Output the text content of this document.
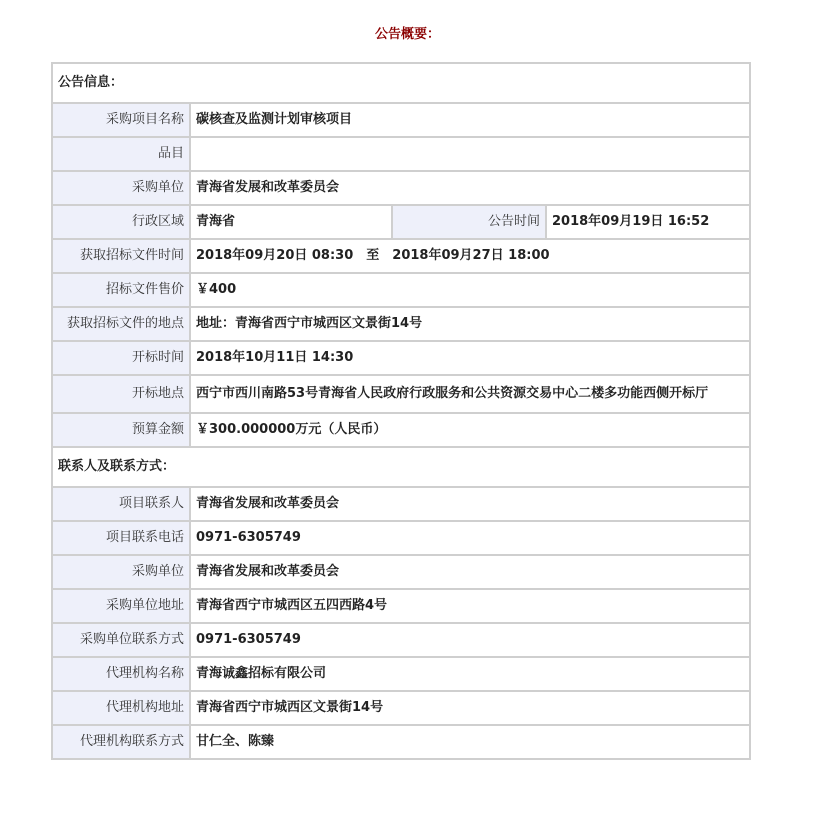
公告概要：
公告信息：			
采购项目名称	碳核查及监测计划审核项目		
品目			
采购单位	青海省发展和改革委员会		
行政区域	青海省	公告时间	2018年09月19日 16:52
获取招标文件时间	2018年09月20日 08:30　至　2018年09月27日 18:00		
招标文件售价	￥400		
获取招标文件的地点	地址：青海省西宁市城西区文景街14号		
开标时间	2018年10月11日 14:30		
开标地点	西宁市西川南路53号青海省人民政府行政服务和公共资源交易中心二楼多功能西侧开标厅		
预算金额	￥300.000000万元（人民币）		
联系人及联系方式：			
项目联系人	青海省发展和改革委员会		
项目联系电话	0971-6305749		
采购单位	青海省发展和改革委员会		
采购单位地址	青海省西宁市城西区五四西路4号		
采购单位联系方式	0971-6305749		
代理机构名称	青海诚鑫招标有限公司		
代理机构地址	青海省西宁市城西区文景街14号		
代理机构联系方式	甘仁全、陈臻		
